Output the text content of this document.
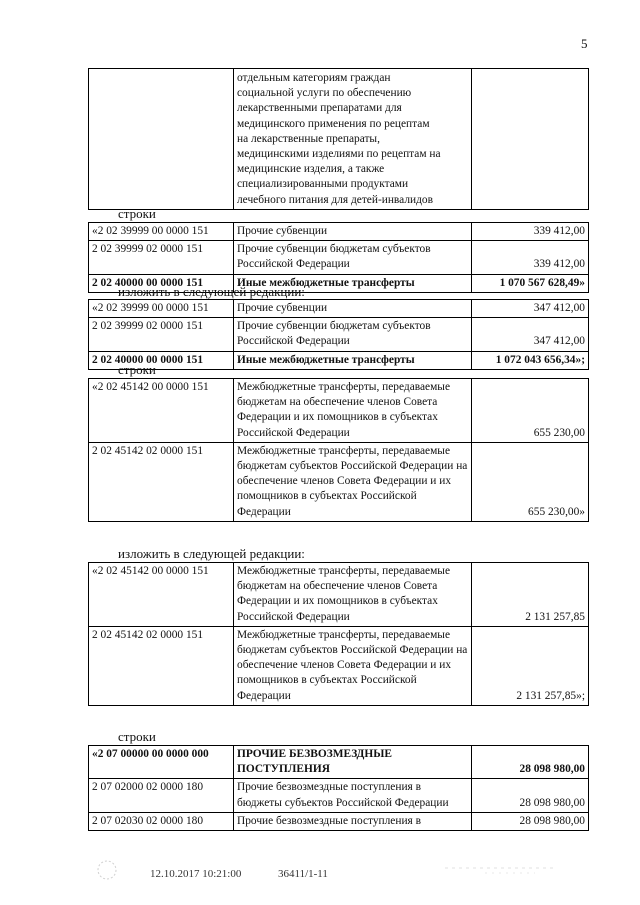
5

отдельным категориям граждан
социальной услуги по обеспечению
лекарственными препаратами для
медицинского применения по рецептам
на лекарственные препараты,
медицинскими изделиями по рецептам на
медицинские изделия, а также
специализированными продуктами
лечебного питания для детей-инвалидов

строки
«2 02 39999 00 0000 151	Прочие субвенции	339 412,00
2 02 39999 02 0000 151	Прочие субвенции бюджетам субъектов Российской Федерации	339 412,00
2 02 40000 00 0000 151	Иные межбюджетные трансферты	1 070 567 628,49»
изложить в следующей редакции:
«2 02 39999 00 0000 151	Прочие субвенции	347 412,00
2 02 39999 02 0000 151	Прочие субвенции бюджетам субъектов Российской Федерации	347 412,00
2 02 40000 00 0000 151	Иные межбюджетные трансферты	1 072 043 656,34»;
строки
«2 02 45142 00 0000 151	Межбюджетные трансферты, передаваемые бюджетам на обеспечение членов Совета Федерации и их помощников в субъектах Российской Федерации	655 230,00
2 02 45142 02 0000 151	Межбюджетные трансферты, передаваемые бюджетам субъектов Российской Федерации на обеспечение членов Совета Федерации и их помощников в субъектах Российской Федерации	655 230,00»
изложить в следующей редакции:
«2 02 45142 00 0000 151	Межбюджетные трансферты, передаваемые бюджетам на обеспечение членов Совета Федерации и их помощников в субъектах Российской Федерации	2 131 257,85
2 02 45142 02 0000 151	Межбюджетные трансферты, передаваемые бюджетам субъектов Российской Федерации на обеспечение членов Совета Федерации и их помощников в субъектах Российской Федерации	2 131 257,85»;
строки
«2 07 00000 00 0000 000	ПРОЧИЕ БЕЗВОЗМЕЗДНЫЕ ПОСТУПЛЕНИЯ	28 098 980,00
2 07 02000 02 0000 180	Прочие безвозмездные поступления в бюджеты субъектов Российской Федерации	28 098 980,00
2 07 02030 02 0000 180	Прочие безвозмездные поступления в	28 098 980,00
12.10.2017 10:21:00	36411/1-11
